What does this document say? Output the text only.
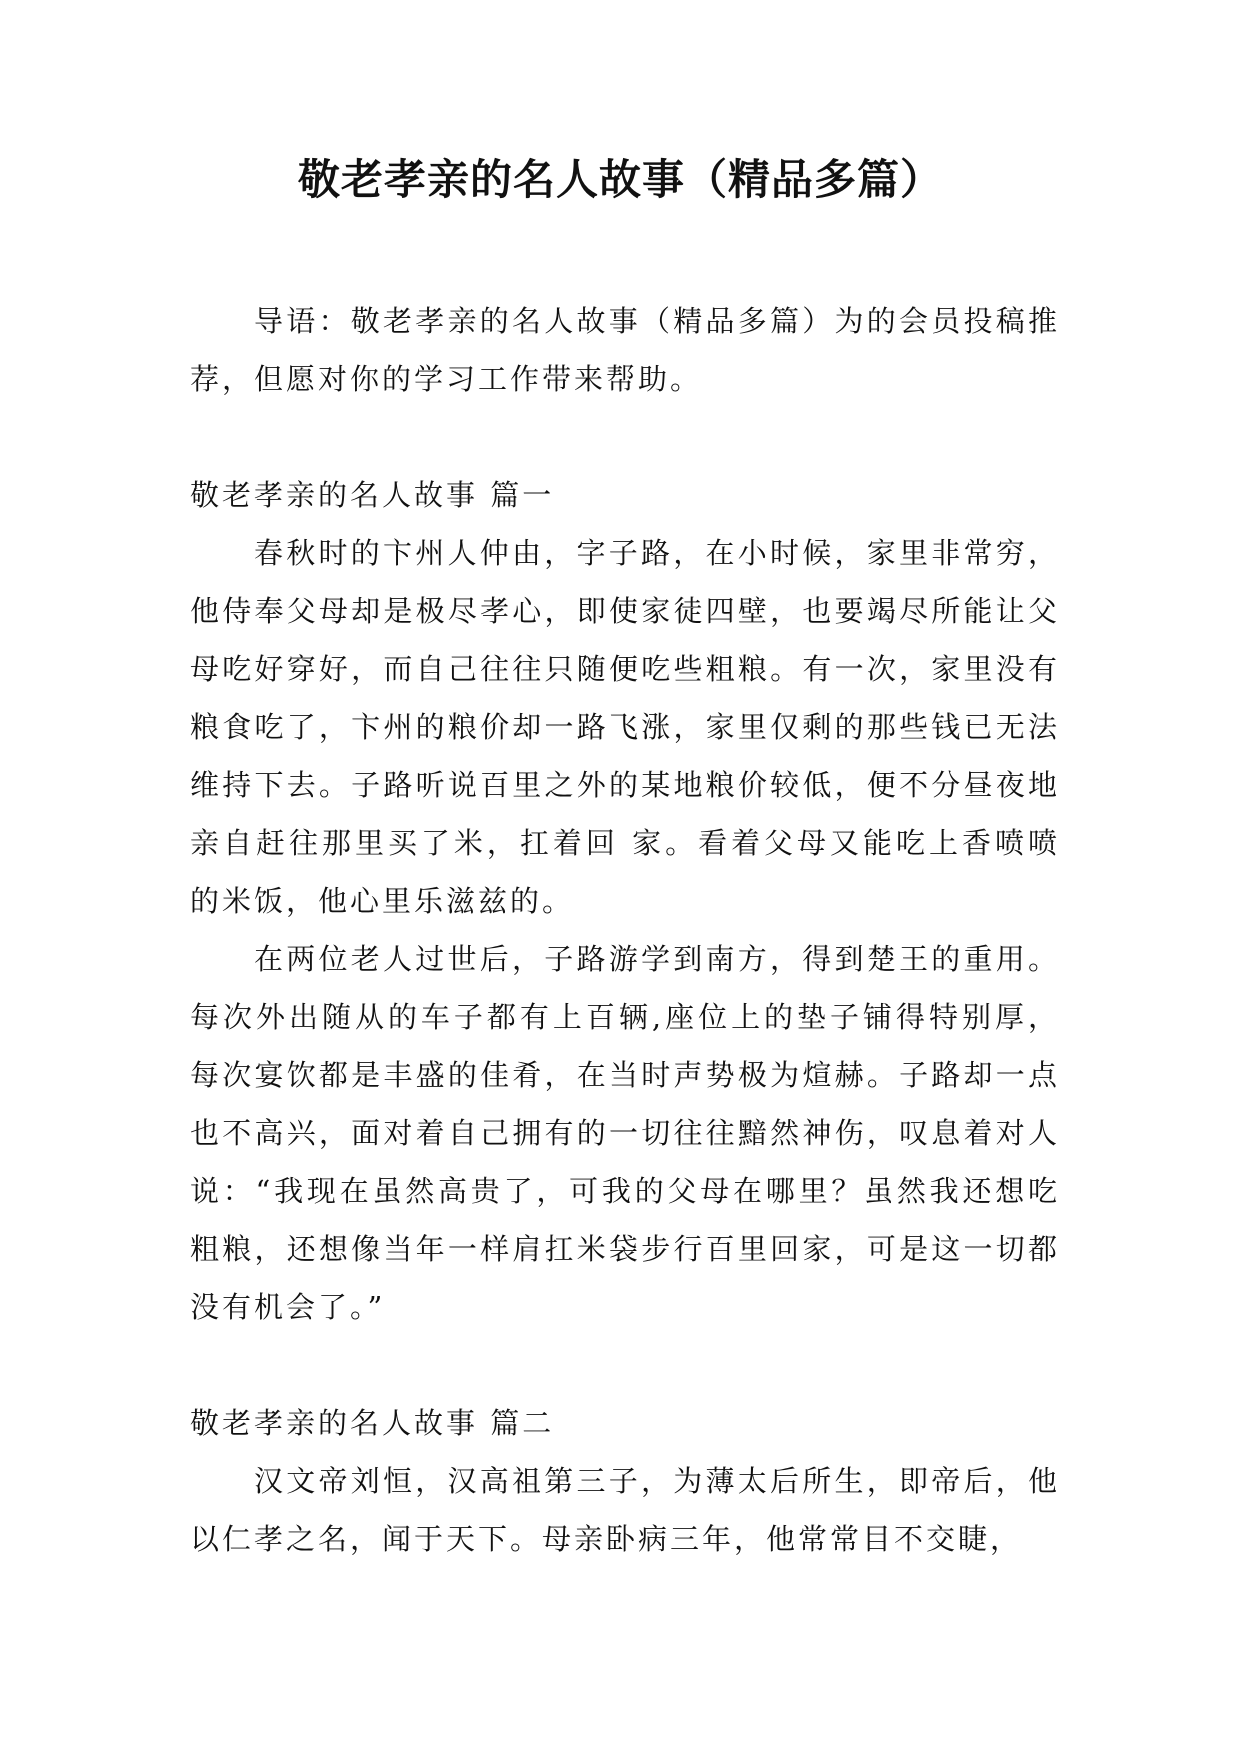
敬老孝亲的名人故事（精品多篇）

导语：敬老孝亲的名人故事（精品多篇）为的会员投稿推荐，但愿对你的学习工作带来帮助。

敬老孝亲的名人故事 篇一

春秋时的卞州人仲由，字子路，在小时候，家里非常穷，他侍奉父母却是极尽孝心，即使家徒四壁，也要竭尽所能让父母吃好穿好，而自己往往只随便吃些粗粮。有一次，家里没有粮食吃了，卞州的粮价却一路飞涨，家里仅剩的那些钱已无法维持下去。子路听说百里之外的某地粮价较低，便不分昼夜地亲自赶往那里买了米，扛着回 家。看着父母又能吃上香喷喷的米饭，他心里乐滋兹的。

在两位老人过世后，子路游学到南方，得到楚王的重用。每次外出随从的车子都有上百辆,座位上的垫子铺得特别厚，每次宴饮都是丰盛的佳肴，在当时声势极为煊赫。子路却一点也不高兴，面对着自己拥有的一切往往黯然神伤，叹息着对人说：“我现在虽然高贵了，可我的父母在哪里？虽然我还想吃粗粮，还想像当年一样肩扛米袋步行百里回家，可是这一切都没有机会了。”

敬老孝亲的名人故事 篇二

汉文帝刘恒，汉高祖第三子，为薄太后所生，即帝后，他以仁孝之名，闻于天下。母亲卧病三年，他常常目不交睫，
